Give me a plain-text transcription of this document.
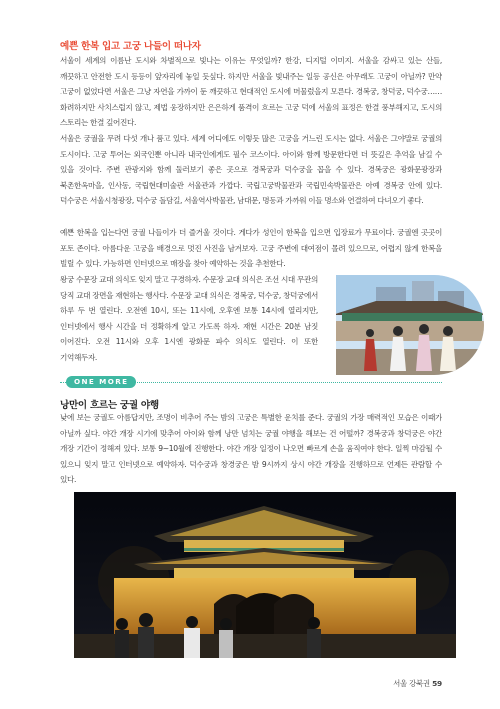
예쁜 한복 입고 고궁 나들이 떠나자

서울이 세계의 이름난 도시와 차별적으로 빛나는 이유는 무엇일까? 한강, 디지털 이미지. 서울을 감싸고 있는 산들, 깨끗하고 안전한 도시 등등이 앞자리에 놓일 듯싶다. 하지만 서울을 빛내주는 일등 공신은 아무래도 고궁이 아닐까? 만약 고궁이 없었다면 서울은 그냥 자연을 가까이 둔 깨끗하고 현대적인 도시에 머물렀을지 모른다. 경복궁, 창덕궁, 덕수궁…… 화려하지만 사치스럽지 않고, 제법 웅장하지만 은은하게 품격이 흐르는 고궁 덕에 서울의 표정은 한결 풍부해지고, 도시의 스토리는 한결 깊어진다.

서울은 궁궐을 무려 다섯 개나 품고 있다. 세계 어디에도 이렇듯 많은 고궁을 거느린 도시는 없다. 서울은 그야말로 궁궐의 도시이다. 고궁 투어는 외국인뿐 아니라 내국인에게도 필수 코스이다. 아이와 함께 방문한다면 더 뜻깊은 추억을 남길 수 있을 것이다. 주변 관광지와 함께 둘러보기 좋은 곳으로 경복궁과 덕수궁을 꼽을 수 있다. 경복궁은 광화문광장과 북촌한옥마을, 인사동, 국립현대미술관 서울관과 가깝다. 국립고궁박물관과 국립민속박물관은 아예 경복궁 안에 있다. 덕수궁은 서울시청광장, 덕수궁 돌담길, 서울역사박물관, 남대문, 명동과 가까워 이들 명소와 연결하여 다녀오기 좋다.

예쁜 한복을 입는다면 궁궐 나들이가 더 즐거울 것이다. 게다가 성인이 한복을 입으면 입장료가 무료이다. 궁궐엔 곳곳이 포토 존이다. 아름다운 고궁을 배경으로 멋진 사진을 남겨보자. 고궁 주변에 대여점이 몰려 있으므로, 어렵지 않게 한복을 빌릴 수 있다. 가능하면 인터넷으로 매장을 찾아 예약하는 것을 추천한다.

왕궁 수문장 교대 의식도 잊지 말고 구경하자. 수문장 교대 의식은 조선 시대 무관의 당직 교대 장면을 재현하는 행사다. 수문장 교대 의식은 경복궁, 덕수궁, 창덕궁에서 하루 두 번 열린다. 오전엔 10시, 또는 11시에, 오후엔 보통 14시에 열리지만, 인터넷에서 행사 시간을 더 정확하게 알고 가도록 하자. 재현 시간은 20분 남짓 이어진다. 오전 11시와 오후 1시엔 광화문 파수 의식도 열린다. 이 또한 기억해두자.

ONE MORE
낭만이 흐르는 궁궐 야행

낮에 보는 궁궐도 아름답지만, 조명이 비추어 주는 밤의 고궁은 특별한 운치를 준다. 궁궐의 가장 매력적인 모습은 이때가 아닐까 싶다. 야간 개장 시기에 맞추어 아이와 함께 낭만 넘치는 궁궐 야행을 해보는 건 어떨까? 경복궁과 창덕궁은 야간 개장 기간이 정해져 있다. 보통 9~10월에 진행한다. 야간 개장 일정이 나오면 빠르게 손을 움직여야 한다. 일찍 마감될 수 있으니 잊지 말고 인터넷으로 예약하자. 덕수궁과 창경궁은 밤 9시까지 상시 야간 개장을 진행하므로 언제든 관람할 수 있다.

서울 강북권 59
